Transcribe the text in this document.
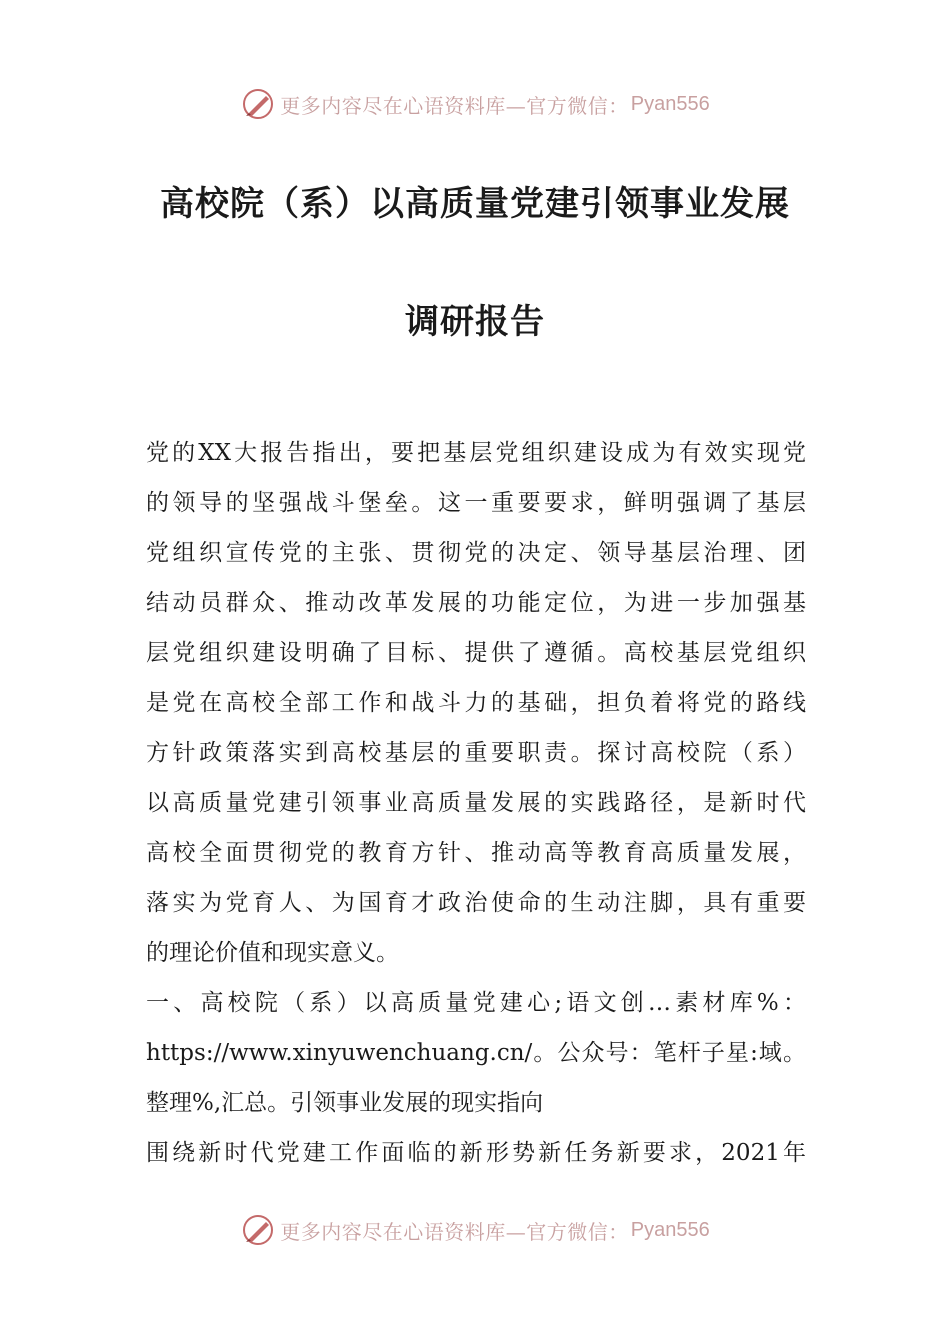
更多内容尽在心语资料库—官方微信： Pyan556
高校院（系）以高质量党建引领事业发展
调研报告
党的XX大报告指出，要把基层党组织建设成为有效实现党
的领导的坚强战斗堡垒。这一重要要求，鲜明强调了基层
党组织宣传党的主张、贯彻党的决定、领导基层治理、团
结动员群众、推动改革发展的功能定位，为进一步加强基
层党组织建设明确了目标、提供了遵循。高校基层党组织
是党在高校全部工作和战斗力的基础，担负着将党的路线
方针政策落实到高校基层的重要职责。探讨高校院（系）
以高质量党建引领事业高质量发展的实践路径，是新时代
高校全面贯彻党的教育方针、推动高等教育高质量发展，
落实为党育人、为国育才政治使命的生动注脚，具有重要
的理论价值和现实意义。
一、高校院（系）以高质量党建心;语文创…素材库%：
https://www.xinyuwenchuang.cn/。公众号：笔杆子星:域。
整理%,汇总。引领事业发展的现实指向
围绕新时代党建工作面临的新形势新任务新要求，2021年
更多内容尽在心语资料库—官方微信： Pyan556
